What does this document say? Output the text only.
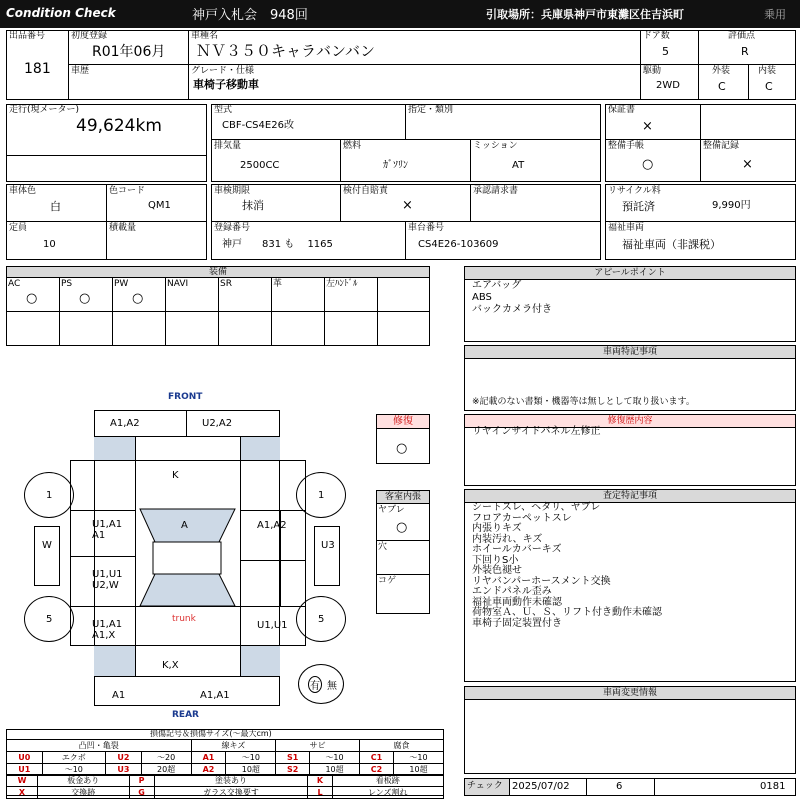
Condition Check	神戸入札会　948回	引取場所：兵庫県神戸市東灘区住吉浜町	乗用
出品番号
181
初度登録
R01年06月
車歴
車種名
ＮＶ３５０キャラバンバン
グレード・仕様
車椅子移動車
ドア数
5
駆動
2WD
評価点
R
外装
C
内装
C
走行(現メーター)
49,624km
型式
CBF-CS4E26改
指定・類別
排気量
2500CC
燃料
ｶﾞｿﾘﾝ
ミッション
AT
保証書
×
整備手帳
○
整備記録
×
車体色
白
色コード
QM1
定員
10
積載量
車検期限
抹消
検付自賠責
×
承認請求書
登録番号
神戸　　831 も　 1165
車台番号
CS4E26-103609
リサイクル料
預託済	9,990円
福祉車両
福祉車両（非課税）
装備
AC
○
PS
○
PW
○
NAVI	SR	革	左ﾊﾝﾄﾞﾙ
アピールポイント
エアバッグ
ABS
バックカメラ付き
車両特記事項
※記載のない書類・機器等は無しとして取り扱います。
修復歴内容
リヤインサイドパネル左修正
査定特記事項
シートスレ、ヘタリ、ヤブレ
フロアカーペットスレ
内張りキズ
内装汚れ、キズ
ホイールカバーキズ
下回りS小
外装色褪せ
リヤバンパーホースメント交換
エンドパネル歪み
福祉車両動作未確認
荷物室Ａ、Ｕ、Ｓ、リフト付き動作未確認
車椅子固定装置付き
車両変更情報
修復
○
客室内張
ヤブレ
○
穴
コゲ
FRONT
A1,A2	U2,A2
K
A
1	1
5	5
W
U1,A1
A1
U1,U1
U2,W
U1,A1
A1,X
A1,A2
U3
U1,U1
trunk
K,X
A1	A1,A1
有 無
REAR
損傷記号＆損傷サイズ(～最大cm)
凸凹・亀裂				線キズ		サビ		腐食	
U0	エクボ	U2	～20	A1	～10	S1	～10	C1	～10
U1	～10	U3	20超	A2	10超	S2	10超	C2	10超
W	板金あり	P	塗装あり	K	看板跡
X	交換跡	G	ガラス交換要す	L	レンズ割れ
チェック 2025/07/02	6	0181
